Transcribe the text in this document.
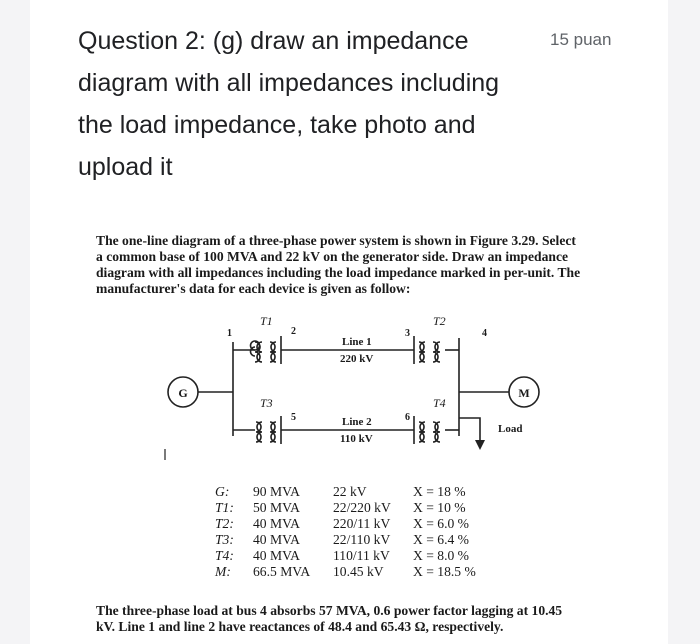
Question 2: (g) draw an impedance diagram with all impedances including the load impedance, take photo and upload it
15 puan
The one-line diagram of a three-phase power system is shown in Figure 3.29. Select
a common base of 100 MVA and 22 kV on the generator side. Draw an impedance
diagram with all impedances including the load impedance marked in per-unit. The
manufacturer's data for each device is given as follow:
G	M
Load
T1	T2
T3	T4
1	2	3	4
5	6
Line 1
220 kV
Line 2
110 kV
G:	90 MVA	22 kV	X = 18 %
T1:	50 MVA	22/220 kV	X = 10 %
T2:	40 MVA	220/11 kV	X = 6.0 %
T3:	40 MVA	22/110 kV	X = 6.4 %
T4:	40 MVA	110/11 kV	X = 8.0 %
M:	66.5 MVA	10.45 kV	X = 18.5 %
The three-phase load at bus 4 absorbs 57 MVA, 0.6 power factor lagging at 10.45
kV. Line 1 and line 2 have reactances of 48.4 and 65.43 Ω, respectively.
